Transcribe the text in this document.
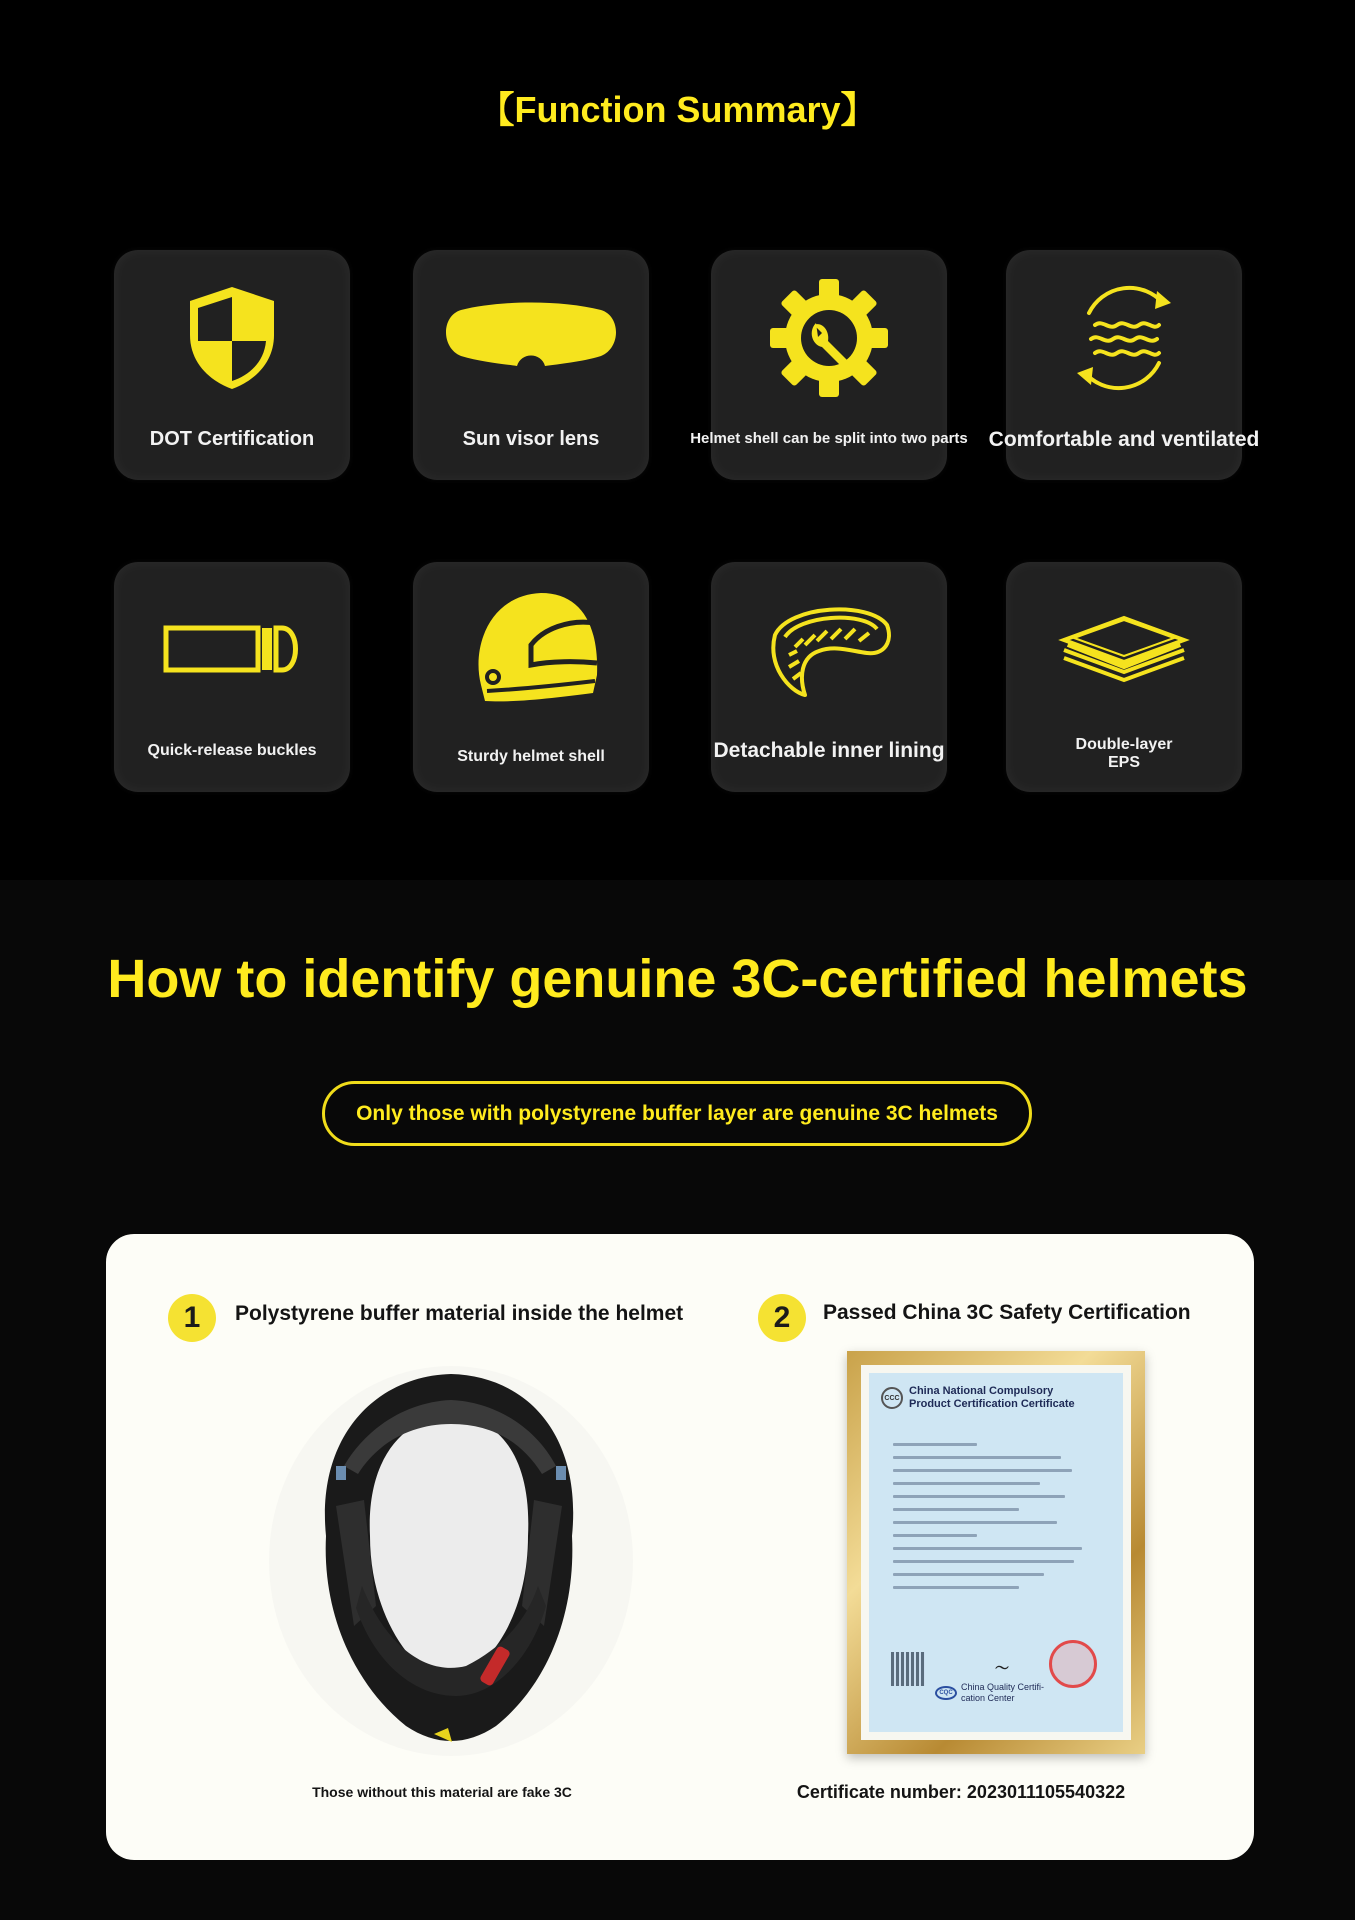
【Function Summary】
DOT Certification	Sun visor lens	Helmet shell can be split into two parts Comfortable and ventilated
Quick-release buckles	Sturdy helmet shell	Detachable inner lining	Double-layer
EPS
How to identify genuine 3C-certified helmets
Only those with polystyrene buffer layer are genuine 3C helmets
1	Polystyrene buffer material inside the helmet
Those without this material are fake 3C
2	Passed China 3C Safety Certification
CCC
China National Compulsory
Product Certification Certificate
〜
CQC
China Quality Certifi-
cation Center
Certificate number: 2023011105540322
